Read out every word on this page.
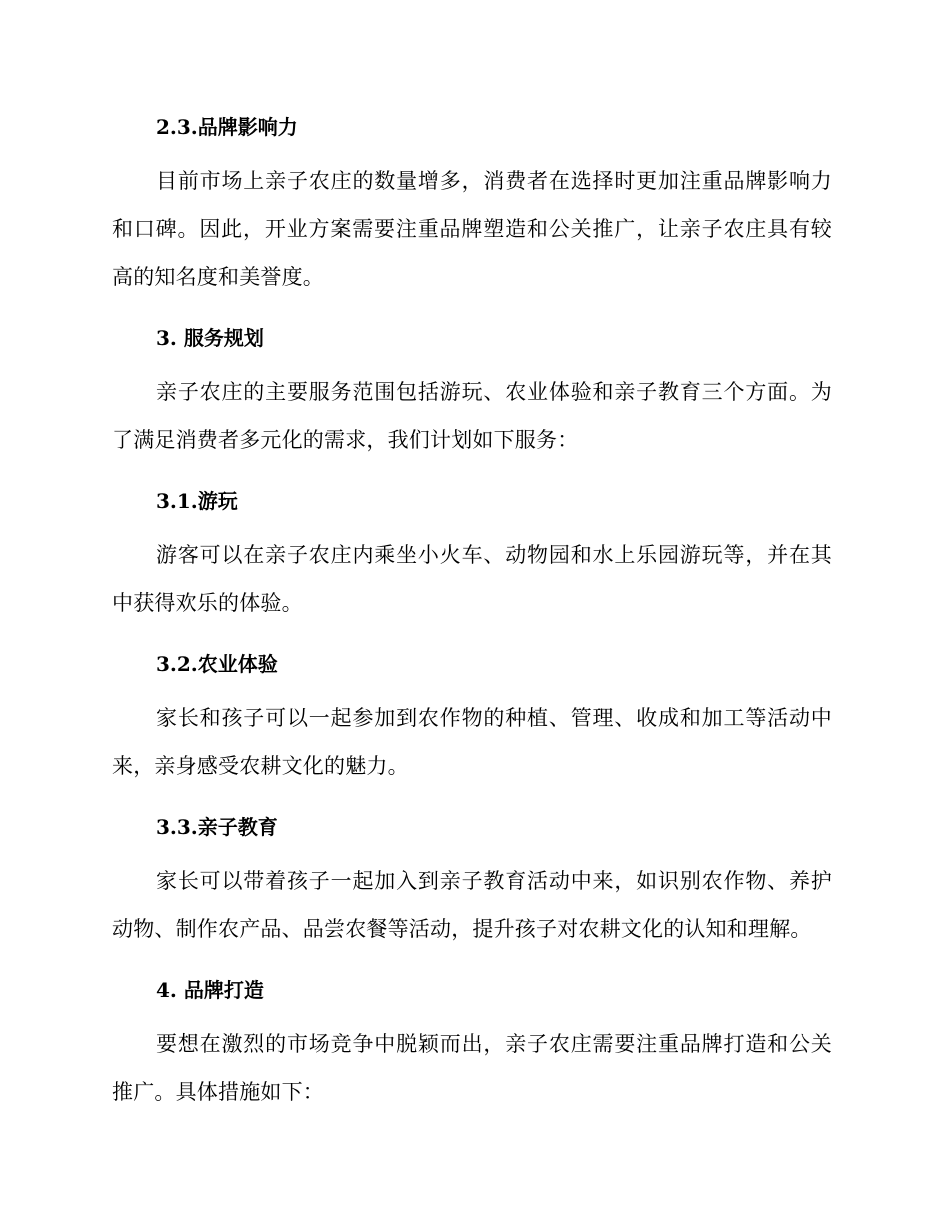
2.3.品牌影响力

目前市场上亲子农庄的数量增多，消费者在选择时更加注重品牌影响力和口碑。因此，开业方案需要注重品牌塑造和公关推广，让亲子农庄具有较高的知名度和美誉度。

3. 服务规划

亲子农庄的主要服务范围包括游玩、农业体验和亲子教育三个方面。为了满足消费者多元化的需求，我们计划如下服务：

3.1.游玩

游客可以在亲子农庄内乘坐小火车、动物园和水上乐园游玩等，并在其中获得欢乐的体验。

3.2.农业体验

家长和孩子可以一起参加到农作物的种植、管理、收成和加工等活动中来，亲身感受农耕文化的魅力。

3.3.亲子教育

家长可以带着孩子一起加入到亲子教育活动中来，如识别农作物、养护动物、制作农产品、品尝农餐等活动，提升孩子对农耕文化的认知和理解。

4. 品牌打造

要想在激烈的市场竞争中脱颖而出，亲子农庄需要注重品牌打造和公关推广。具体措施如下：
